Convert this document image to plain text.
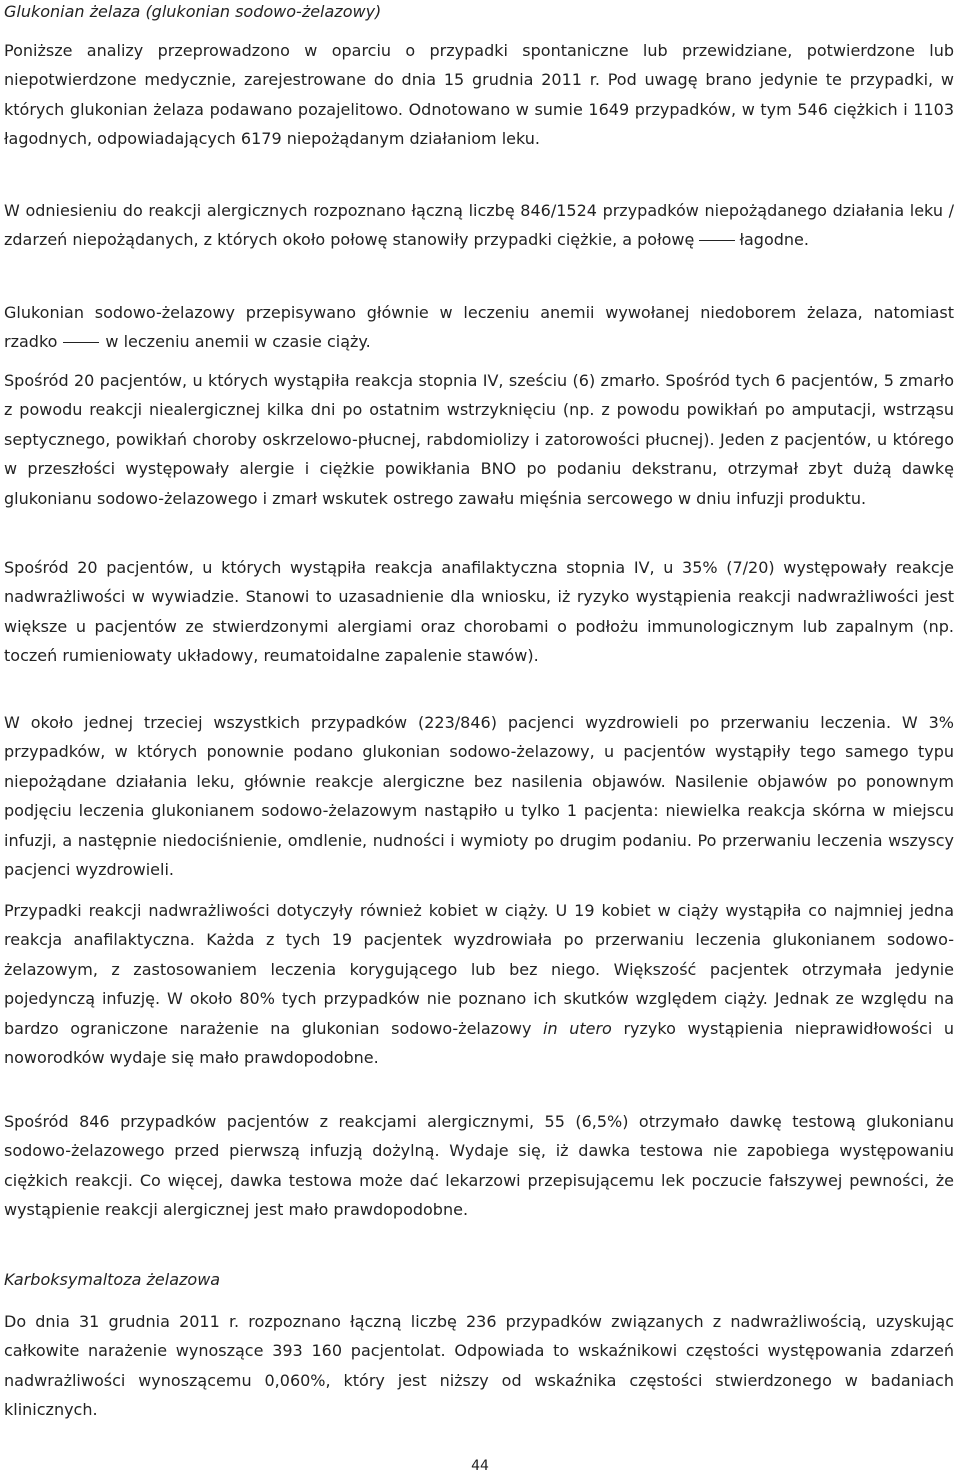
Glukonian żelaza (glukonian sodowo-żelazowy)

Poniższe analizy przeprowadzono w oparciu o przypadki spontaniczne lub przewidziane, potwierdzone lub niepotwierdzone medycznie, zarejestrowane do dnia 15 grudnia 2011 r. Pod uwagę brano jedynie te przypadki, w których glukonian żelaza podawano pozajelitowo. Odnotowano w sumie 1649 przypadków, w tym 546 ciężkich i 1103 łagodnych, odpowiadających 6179 niepożądanym działaniom leku.

W odniesieniu do reakcji alergicznych rozpoznano łączną liczbę 846/1524 przypadków niepożądanego działania leku / zdarzeń niepożądanych, z których około połowę stanowiły przypadki ciężkie, a połowę	łagodne.

Glukonian sodowo-żelazowy przepisywano głównie w leczeniu anemii wywołanej niedoborem żelaza, natomiast rzadko	w leczeniu anemii w czasie ciąży.

Spośród 20 pacjentów, u których wystąpiła reakcja stopnia IV, sześciu (6) zmarło. Spośród tych 6 pacjentów, 5 zmarło z powodu reakcji niealergicznej kilka dni po ostatnim wstrzyknięciu (np. z powodu powikłań po amputacji, wstrząsu septycznego, powikłań choroby oskrzelowo-płucnej, rabdomiolizy i zatorowości płucnej). Jeden z pacjentów, u którego w przeszłości występowały alergie i ciężkie powikłania BNO po podaniu dekstranu, otrzymał zbyt dużą dawkę glukonianu sodowo-żelazowego i zmarł wskutek ostrego zawału mięśnia sercowego w dniu infuzji produktu.

Spośród 20 pacjentów, u których wystąpiła reakcja anafilaktyczna stopnia IV, u 35% (7/20) występowały reakcje nadwrażliwości w wywiadzie. Stanowi to uzasadnienie dla wniosku, iż ryzyko wystąpienia reakcji nadwrażliwości jest większe u pacjentów ze stwierdzonymi alergiami oraz chorobami o podłożu immunologicznym lub zapalnym (np. toczeń rumieniowaty układowy, reumatoidalne zapalenie stawów).

W około jednej trzeciej wszystkich przypadków (223/846) pacjenci wyzdrowieli po przerwaniu leczenia. W 3% przypadków, w których ponownie podano glukonian sodowo-żelazowy, u pacjentów wystąpiły tego samego typu niepożądane działania leku, głównie reakcje alergiczne bez nasilenia objawów. Nasilenie objawów po ponownym podjęciu leczenia glukonianem sodowo-żelazowym nastąpiło u tylko 1 pacjenta: niewielka reakcja skórna w miejscu infuzji, a następnie niedociśnienie, omdlenie, nudności i wymioty po drugim podaniu. Po przerwaniu leczenia wszyscy pacjenci wyzdrowieli.

Przypadki reakcji nadwrażliwości dotyczyły również kobiet w ciąży. U 19 kobiet w ciąży wystąpiła co najmniej jedna reakcja anafilaktyczna. Każda z tych 19 pacjentek wyzdrowiała po przerwaniu leczenia glukonianem sodowo-żelazowym, z zastosowaniem leczenia korygującego lub bez niego. Większość pacjentek otrzymała jedynie pojedynczą infuzję. W około 80% tych przypadków nie poznano ich skutków względem ciąży. Jednak ze względu na bardzo ograniczone narażenie na glukonian sodowo-żelazowy in utero ryzyko wystąpienia nieprawidłowości u noworodków wydaje się mało prawdopodobne.

Spośród 846 przypadków pacjentów z reakcjami alergicznymi, 55 (6,5%) otrzymało dawkę testową glukonianu sodowo-żelazowego przed pierwszą infuzją dożylną. Wydaje się, iż dawka testowa nie zapobiega występowaniu ciężkich reakcji. Co więcej, dawka testowa może dać lekarzowi przepisującemu lek poczucie fałszywej pewności, że wystąpienie reakcji alergicznej jest mało prawdopodobne.

Karboksymaltoza żelazowa

Do dnia 31 grudnia 2011 r. rozpoznano łączną liczbę 236 przypadków związanych z nadwrażliwością, uzyskując całkowite narażenie wynoszące 393 160 pacjentolat. Odpowiada to wskaźnikowi częstości występowania zdarzeń nadwrażliwości wynoszącemu 0,060%, który jest niższy od wskaźnika częstości stwierdzonego w badaniach klinicznych.

44
